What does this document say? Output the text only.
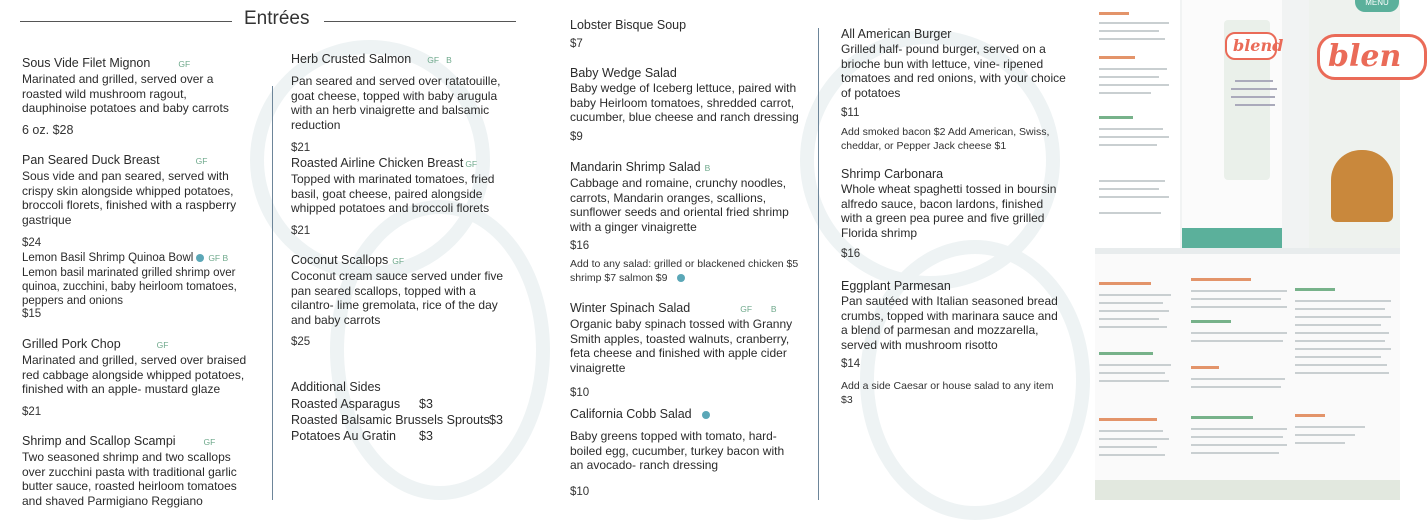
Entrées
Sous Vide Filet Mignon	GF
Marinated and grilled, served over a roasted wild mushroom ragout, dauphinoise potatoes and baby carrots
6 oz. $28
Pan Seared Duck Breast	GF
Sous vide and pan seared, served with crispy skin alongside whipped potatoes, broccoli florets, finished with a raspberry gastrique
$24
Lemon Basil Shrimp Quinoa Bowl GF B
Lemon basil marinated grilled shrimp over quinoa, zucchini, baby heirloom tomatoes, peppers and onions
$15
Grilled Pork Chop	GF
Marinated and grilled, served over braised red cabbage alongside whipped potatoes, finished with an apple- mustard glaze
$21
Shrimp and Scallop Scampi	GF
Two seasoned shrimp and two scallops over zucchini pasta with traditional garlic butter sauce, roasted heirloom tomatoes and shaved Parmigiano Reggiano
Herb Crusted Salmon GF   B
Pan seared and served over ratatouille, goat cheese, topped with baby arugula with an herb vinaigrette and balsamic reduction
$21
Roasted Airline Chicken Breast GF
Topped with marinated tomatoes, fried basil, goat cheese, paired alongside whipped potatoes and broccoli florets
$21
Coconut Scallops GF
Coconut cream sauce served under five pan seared scallops, topped with a cilantro- lime gremolata, rice of the day and baby carrots
$25
Additional Sides
Roasted Asparagus $3
Roasted Balsamic Brussels Sprouts $3
Potatoes Au Gratin $3
Lobster Bisque Soup
$7
Baby Wedge Salad
Baby wedge of Iceberg lettuce, paired with baby Heirloom tomatoes, shredded carrot, cucumber, blue cheese and ranch dressing
$9
Mandarin Shrimp Salad B
Cabbage and romaine, crunchy noodles, carrots, Mandarin oranges, scallions, sunflower seeds and oriental fried shrimp with a ginger vinaigrette
$16
Add to any salad: grilled or blackened chicken $5 shrimp $7 salmon $9
Winter Spinach Salad	GF        B
Organic baby spinach tossed with Granny Smith apples, toasted walnuts, cranberry, feta cheese and finished with apple cider vinaigrette
$10
California Cobb Salad
Baby greens topped with tomato, hard- boiled egg, cucumber, turkey bacon with an avocado- ranch dressing
$10
All American Burger
Grilled half- pound burger, served on a brioche bun with lettuce, vine- ripened tomatoes and red onions, with your choice of potatoes
$11
Add smoked bacon $2 Add American, Swiss, cheddar, or Pepper Jack cheese $1
Shrimp Carbonara
Whole wheat spaghetti tossed in boursin alfredo sauce, bacon lardons, finished with a green pea puree and five grilled Florida shrimp
$16
Eggplant Parmesan
Pan sautéed with Italian seasoned bread crumbs, topped with marinara sauce and a blend of parmesan and mozzarella, served with mushroom risotto
$14
Add a side Caesar or house salad to any item $3
blend
MENU
blen
